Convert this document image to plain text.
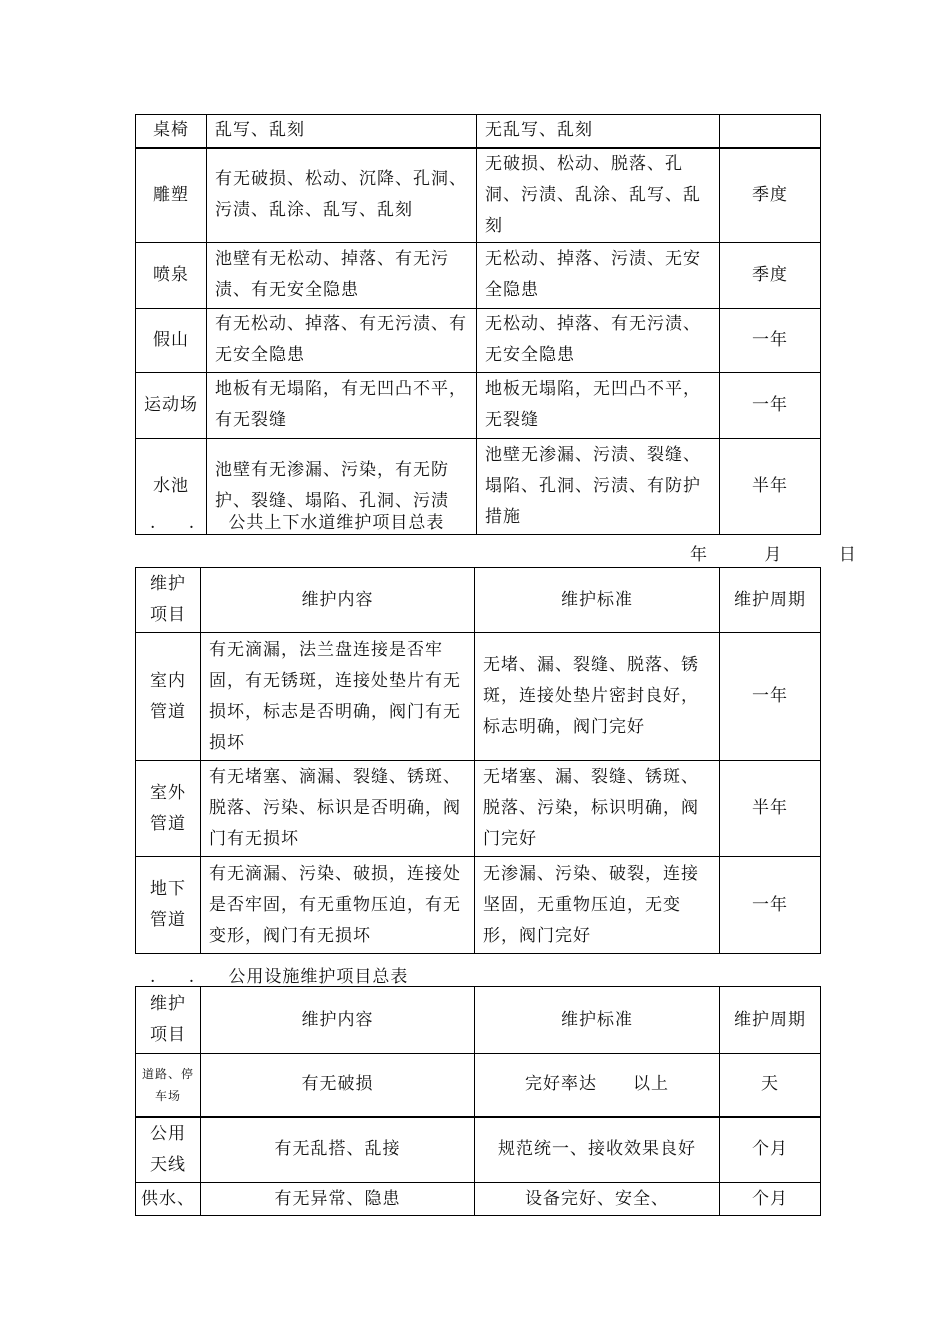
桌椅	乱写、乱刻	无乱写、乱刻	
雕塑	有无破损、松动、沉降、孔洞、污渍、乱涂、乱写、乱刻	无破损、松动、脱落、孔洞、污渍、乱涂、乱写、乱刻	季度
喷泉	池壁有无松动、掉落、有无污渍、有无安全隐患	无松动、掉落、污渍、无安全隐患	季度
假山	有无松动、掉落、有无污渍、有无安全隐患	无松动、掉落、有无污渍、无安全隐患	一年
运动场	地板有无塌陷，有无凹凸不平，有无裂缝	地板无塌陷，无凹凸不平，无裂缝	一年
水池	池壁有无渗漏、污染，有无防护、裂缝、塌陷、孔洞、污渍	池壁无渗漏、污渍、裂缝、塌陷、孔洞、污渍、有防护措施	半年
. . 公共上下水道维护项目总表
年	月	日
维护项目	维护内容	维护标准	维护周期
室内管道	有无滴漏，法兰盘连接是否牢固，有无锈斑，连接处垫片有无损坏，标志是否明确，阀门有无损坏	无堵、漏、裂缝、脱落、锈斑，连接处垫片密封良好，标志明确，阀门完好	一年
室外管道	有无堵塞、滴漏、裂缝、锈斑、脱落、污染、标识是否明确，阀门有无损坏	无堵塞、漏、裂缝、锈斑、脱落、污染，标识明确，阀门完好	半年
地下管道	有无滴漏、污染、破损，连接处是否牢固，有无重物压迫，有无变形，阀门有无损坏	无渗漏、污染、破裂，连接坚固，无重物压迫，无变形，阀门完好	一年
. . 公用设施维护项目总表
维护项目	维护内容	维护标准	维护周期
道路、停车场	有无破损	完好率达　　以上	天
公用天线	有无乱搭、乱接	规范统一、接收效果良好	个月
供水、	有无异常、隐患	设备完好、安全、	个月
